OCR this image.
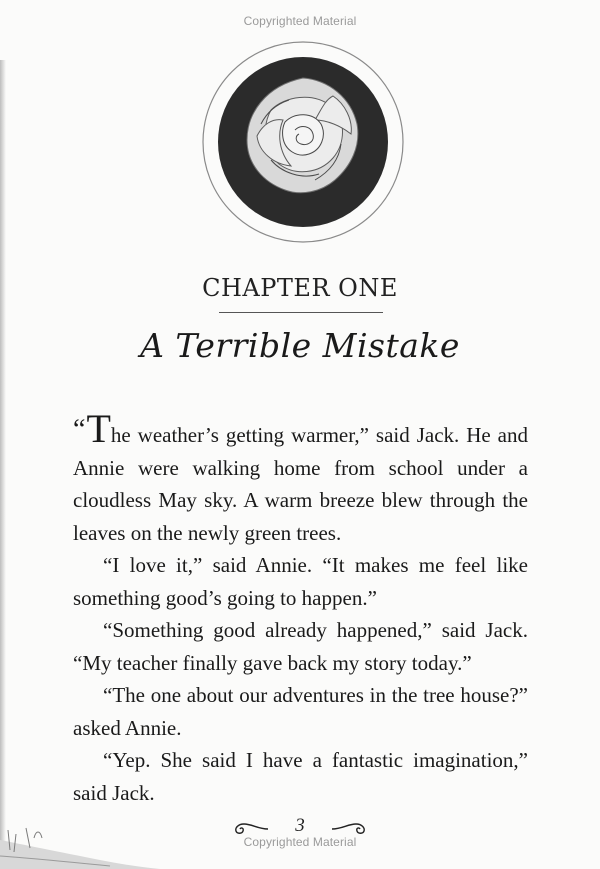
Copyrighted Material
CHAPTER ONE
A Terrible Mistake

“The weather’s getting warmer,” said Jack. He and Annie were walking home from school under a cloudless May sky. A warm breeze blew through the leaves on the newly green trees.

“I love it,” said Annie. “It makes me feel like something good’s going to happen.”

“Something good already happened,” said Jack. “My teacher finally gave back my story today.”

“The one about our adventures in the tree house?” asked Annie.

“Yep. She said I have a fantastic imagination,” said Jack.

3
Copyrighted Material
